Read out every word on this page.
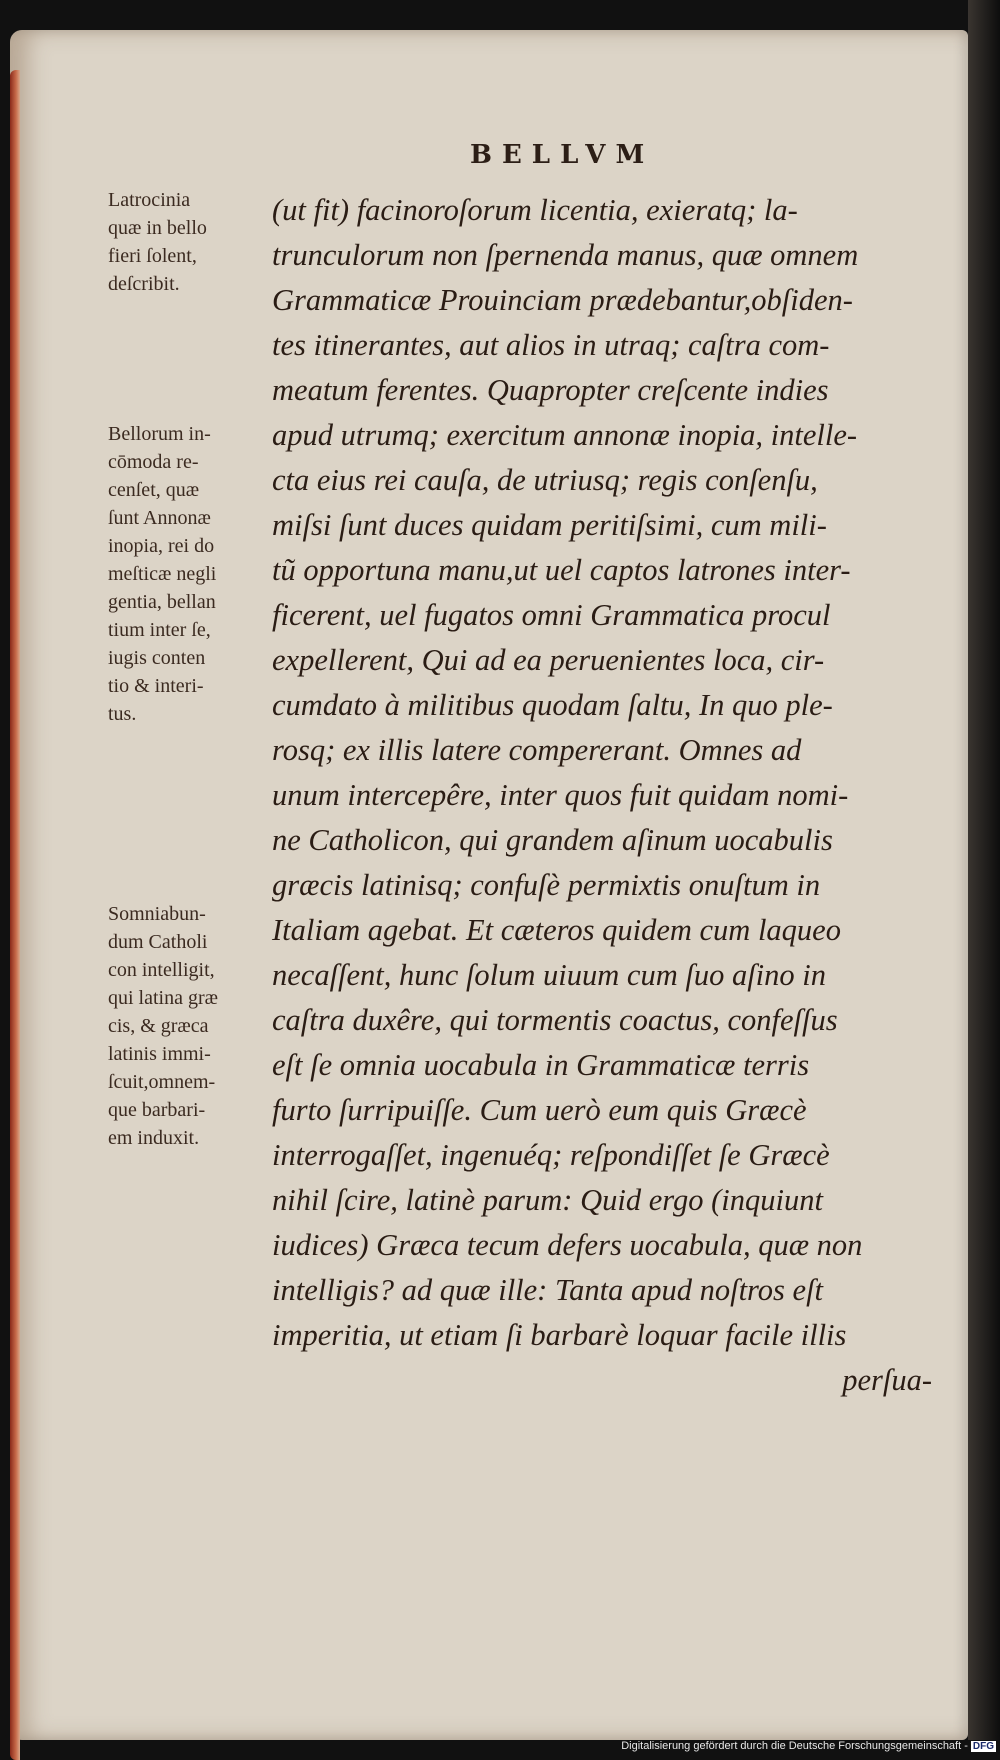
BELLVM
Latrocinia
quæ in bello
fieri ſolent,
deſcribit.
Bellorum in-
cōmoda re-
cenſet, quæ
ſunt Annonæ
inopia, rei do
meſticæ negli
gentia, bellan
tium inter ſe,
iugis conten
tio & interi-
tus.
Somniabun-
dum Catholi
con intelligit,
qui latina græ
cis, & græca
latinis immi-
ſcuit,omnem-
que barbari-
em induxit.
(ut fit) facinoroſorum licentia, exieratq; la-
trunculorum non ſpernenda manus, quæ omnem
Grammaticæ Prouinciam prædebantur,obſiden-
tes itinerantes, aut alios in utraq; caſtra com-
meatum ferentes. Quapropter creſcente indies
apud utrumq; exercitum annonæ inopia, intelle-
cta eius rei cauſa, de utriusq; regis conſenſu,
miſsi ſunt duces quidam peritiſsimi, cum mili-
tũ opportuna manu,ut uel captos latrones inter-
ficerent, uel fugatos omni Grammatica procul
expellerent, Qui ad ea peruenientes loca, cir-
cumdato à militibus quodam ſaltu, In quo ple-
rosq; ex illis latere compererant. Omnes ad
unum intercepêre, inter quos fuit quidam nomi-
ne Catholicon, qui grandem aſinum uocabulis
græcis latinisq; confuſè permixtis onuſtum in
Italiam agebat. Et cæteros quidem cum laqueo
necaſſent, hunc ſolum uiuum cum ſuo aſino in
caſtra duxêre, qui tormentis coactus, confeſſus
eſt ſe omnia uocabula in Grammaticæ terris
furto ſurripuiſſe. Cum uerò eum quis Græcè
interrogaſſet, ingenuéq; reſpondiſſet ſe Græcè
nihil ſcire, latinè parum: Quid ergo (inquiunt
iudices) Græca tecum defers uocabula, quæ non
intelligis? ad quæ ille: Tanta apud noſtros eſt
imperitia, ut etiam ſi barbarè loquar facile illis
perſua-
Digitalisierung gefördert durch die Deutsche Forschungsgemeinschaft - DFG
